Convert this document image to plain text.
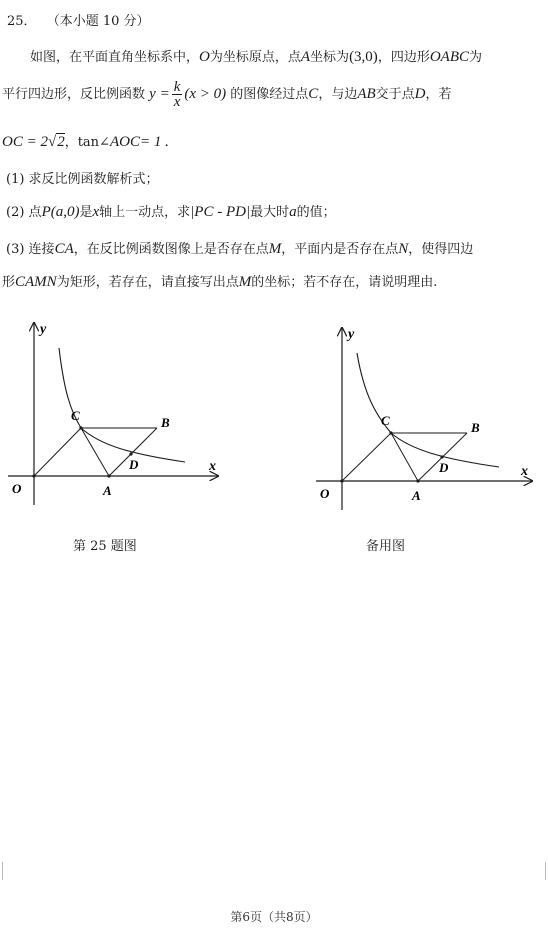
25． （本小题 10 分）
如图，在平面直角坐标系中，O为坐标原点，点A坐标为(3,0)，四边形OABC为
平行四边形，反比例函数 $y = \frac{k}{x} (x > 0)$ 的图像经过点C，与边AB交于点D，若
OC = 2√2，tan∠AOC= 1 .
(1) 求反比例函数解析式；
(2) 点P(a,0)是x轴上一动点，求|PC - PD|最大时a的值；
(3) 连接CA，在反比例函数图像上是否存在点M，平面内是否存在点N，使得四边
形CAMN为矩形，若存在，请直接写出点M的坐标；若不存在，请说明理由.
y
x
O	A
B
C
D
y
x
O	A
B
C
D
第 25 题图	备用图
第6页（共8页）
